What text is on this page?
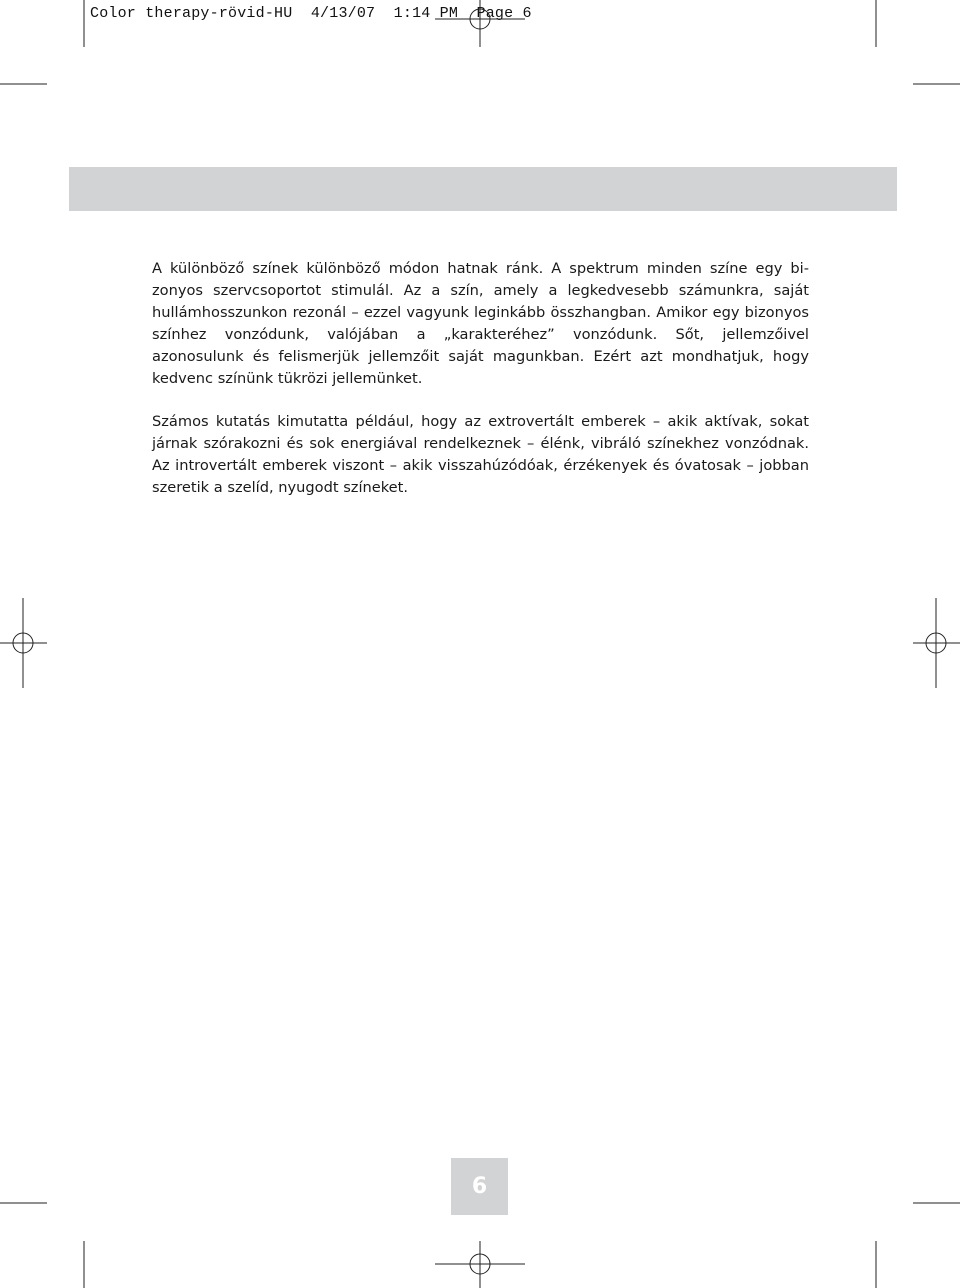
Color therapy-rövid-HU 4/13/07 1:14 PM Page 6

A különböző színek különböző módon hatnak ránk. A spektrum minden színe egy bizonyos szervcsoportot stimulál. Az a szín, amely a legkedvesebb számunkra, saját hullámhosszunkon rezonál – ezzel vagyunk leginkább összhangban. Amikor egy bizonyos színhez vonzódunk, valójában a „karakteréhez” vonzódunk. Sőt, jellemzőivel azonosulunk és felismerjük jellemzőit saját magunkban. Ezért azt mondhatjuk, hogy kedvenc színünk tükrözi jellemünket.

Számos kutatás kimutatta például, hogy az extrovertált emberek – akik aktívak, sokat járnak szórakozni és sok energiával rendelkeznek – élénk, vibráló színekhez vonzódnak. Az introvertált emberek viszont – akik visszahúzódóak, érzékenyek és óvatosak – jobban szeretik a szelíd, nyugodt színeket.

6
